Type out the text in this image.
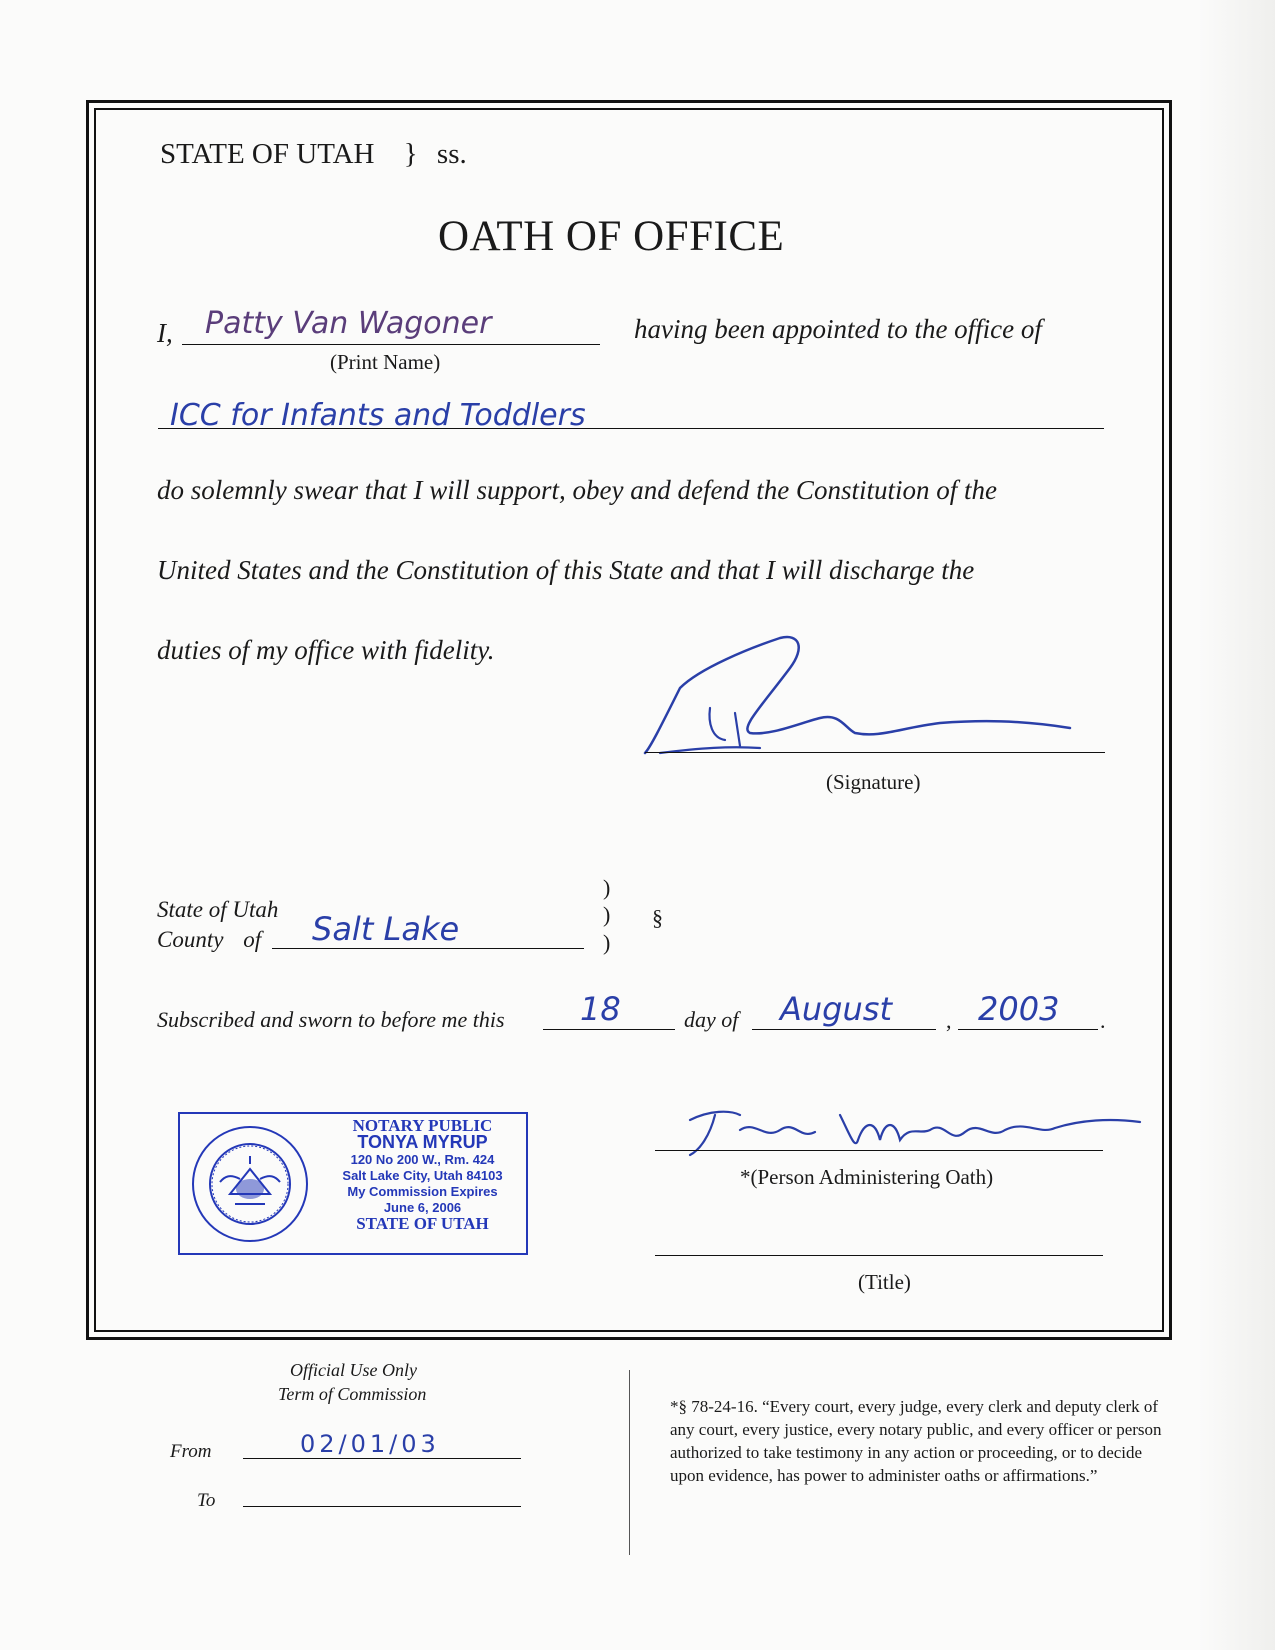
STATE OF UTAH } ss.
OATH OF OFFICE
I, Patty Van Wagoner
(Print Name)
having been appointed to the office of
ICC for Infants and Toddlers
do solemnly swear that I will support, obey and defend the Constitution of the
United States and the Constitution of this State and that I will discharge the
duties of my office with fidelity.
(Signature)
State of Utah
County of Salt Lake
)
)
)
§
Subscribed and sworn to before me this 18	day of August , 2003 .
NOTARY PUBLIC
TONYA MYRUP
120 No 200 W., Rm. 424
Salt Lake City, Utah 84103
My Commission Expires
June 6, 2006
STATE OF UTAH
*(Person Administering Oath)
(Title)
Official Use Only
Term of Commission
From	02/01/03
To
*§ 78-24-16. “Every court, every judge, every clerk and deputy clerk of any court, every justice, every notary public, and every officer or person authorized to take testimony in any action or proceeding, or to decide upon evidence, has power to administer oaths or affirmations.”
